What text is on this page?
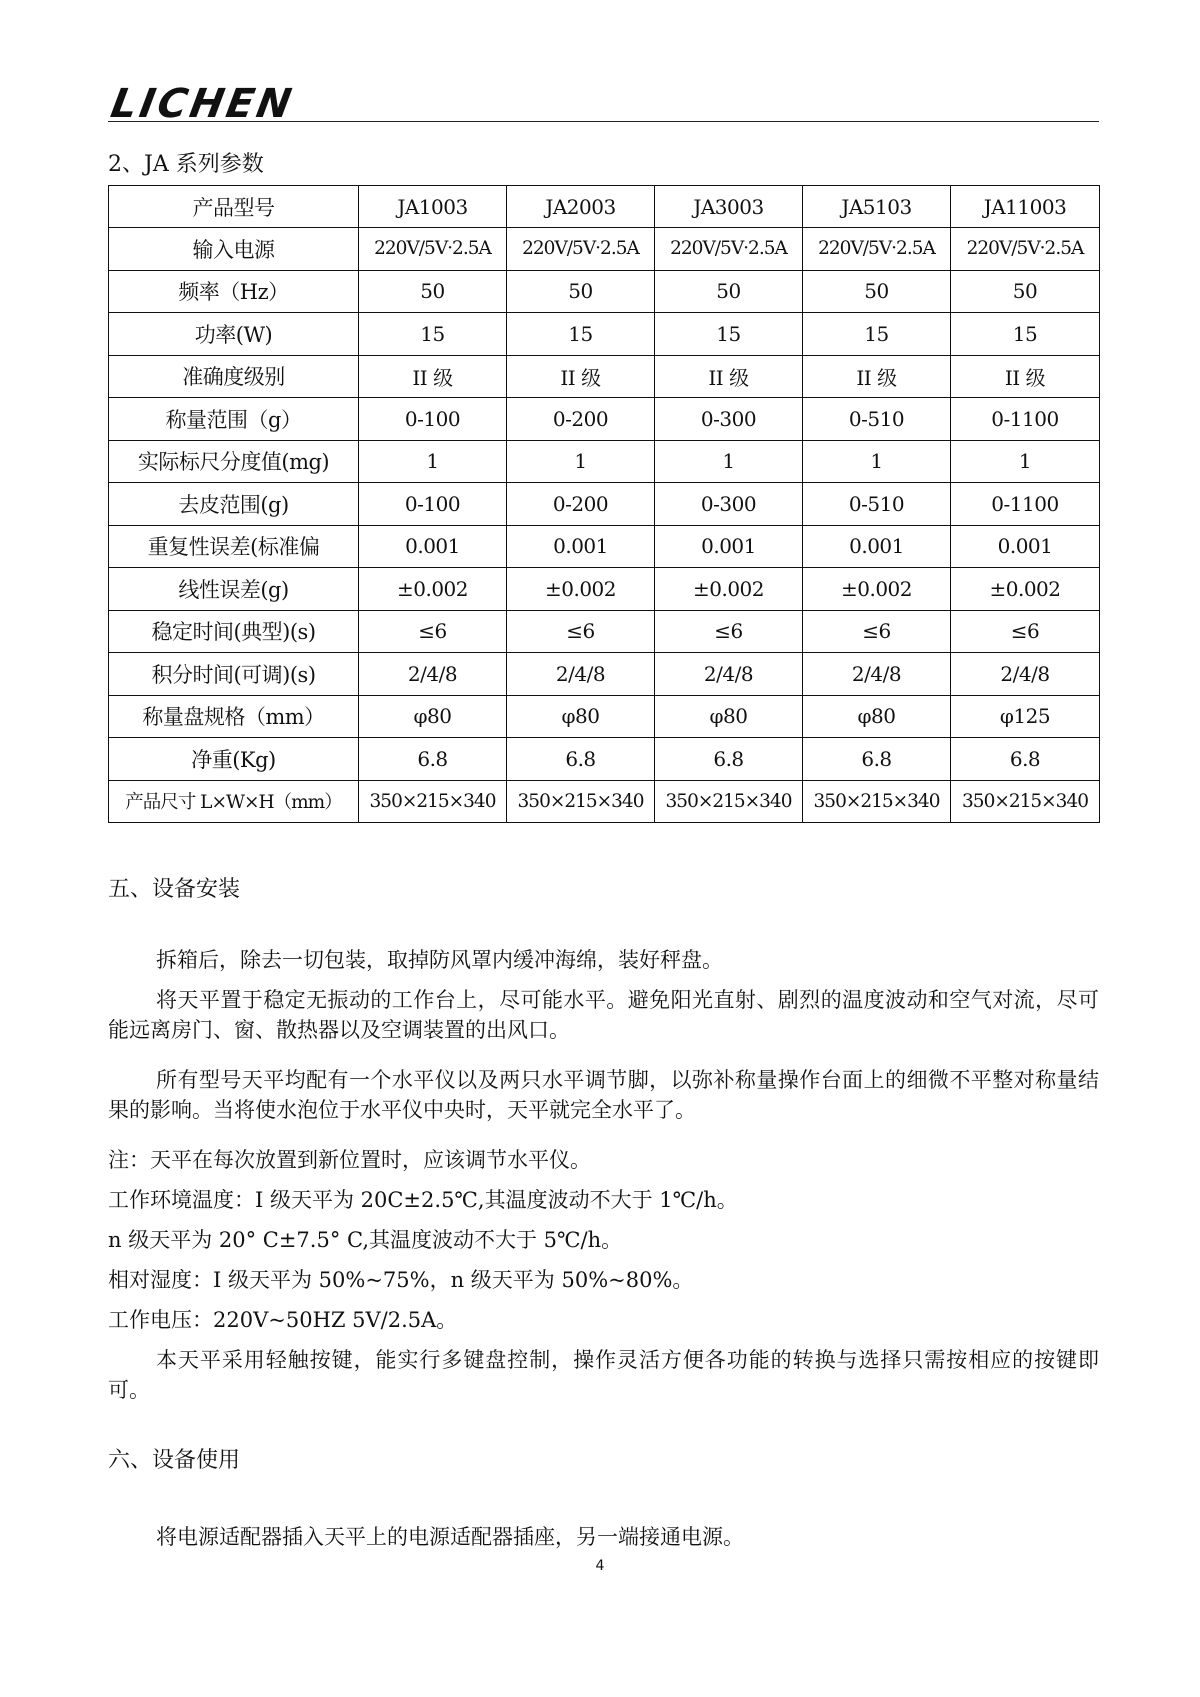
LICHEN
2、JA 系列参数
产品型号	JA1003	JA2003	JA3003	JA5103	JA11003
输入电源	220V/5V·2.5A	220V/5V·2.5A	220V/5V·2.5A	220V/5V·2.5A	220V/5V·2.5A
频率（Hz）	50	50	50	50	50
功率(W)	15	15	15	15	15
准确度级别	II 级	II 级	II 级	II 级	II 级
称量范围（g）	0-100	0-200	0-300	0-510	0-1100
实际标尺分度值(mg)	1	1	1	1	1
去皮范围(g)	0-100	0-200	0-300	0-510	0-1100
重复性误差(标准偏	0.001	0.001	0.001	0.001	0.001
线性误差(g)	±0.002	±0.002	±0.002	±0.002	±0.002
稳定时间(典型)(s)	≤6	≤6	≤6	≤6	≤6
积分时间(可调)(s)	2/4/8	2/4/8	2/4/8	2/4/8	2/4/8
称量盘规格（mm）	φ80	φ80	φ80	φ80	φ125
净重(Kg)	6.8	6.8	6.8	6.8	6.8
产品尺寸 L×W×H（mm）	350×215×340	350×215×340	350×215×340	350×215×340	350×215×340
五、设备安装
拆箱后，除去一切包装，取掉防风罩内缓冲海绵，装好秤盘。
将天平置于稳定无振动的工作台上，尽可能水平。避免阳光直射、剧烈的温度波动和空气对流，尽可能远离房门、窗、散热器以及空调装置的出风口。
所有型号天平均配有一个水平仪以及两只水平调节脚，以弥补称量操作台面上的细微不平整对称量结果的影响。当将使水泡位于水平仪中央时，天平就完全水平了。
注：天平在每次放置到新位置时，应该调节水平仪。
工作环境温度：I 级天平为 20C±2.5℃,其温度波动不大于 1℃/h。
n 级天平为 20° C±7.5° C,其温度波动不大于 5℃/h。
相对湿度：I 级天平为 50%~75%，n 级天平为 50%~80%。
工作电压：220V~50HZ 5V/2.5A。
本天平采用轻触按键，能实行多键盘控制，操作灵活方便各功能的转换与选择只需按相应的按键即可。
六、设备使用
将电源适配器插入天平上的电源适配器插座，另一端接通电源。
4
